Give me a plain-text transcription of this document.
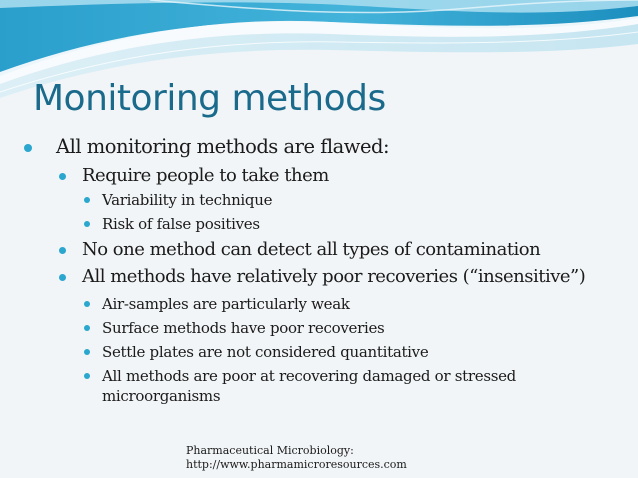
Monitoring methods
All monitoring methods are flawed:
Require people to take them
Variability in technique
Risk of false positives
No one method can detect all types of contamination
All methods have relatively poor recoveries (“insensitive”)
Air-samples are particularly weak
Surface methods have poor recoveries
Settle plates are not considered quantitative
All methods are poor at recovering damaged or stressed microorganisms
Pharmaceutical Microbiology:
http://www.pharmamicroresources.com
